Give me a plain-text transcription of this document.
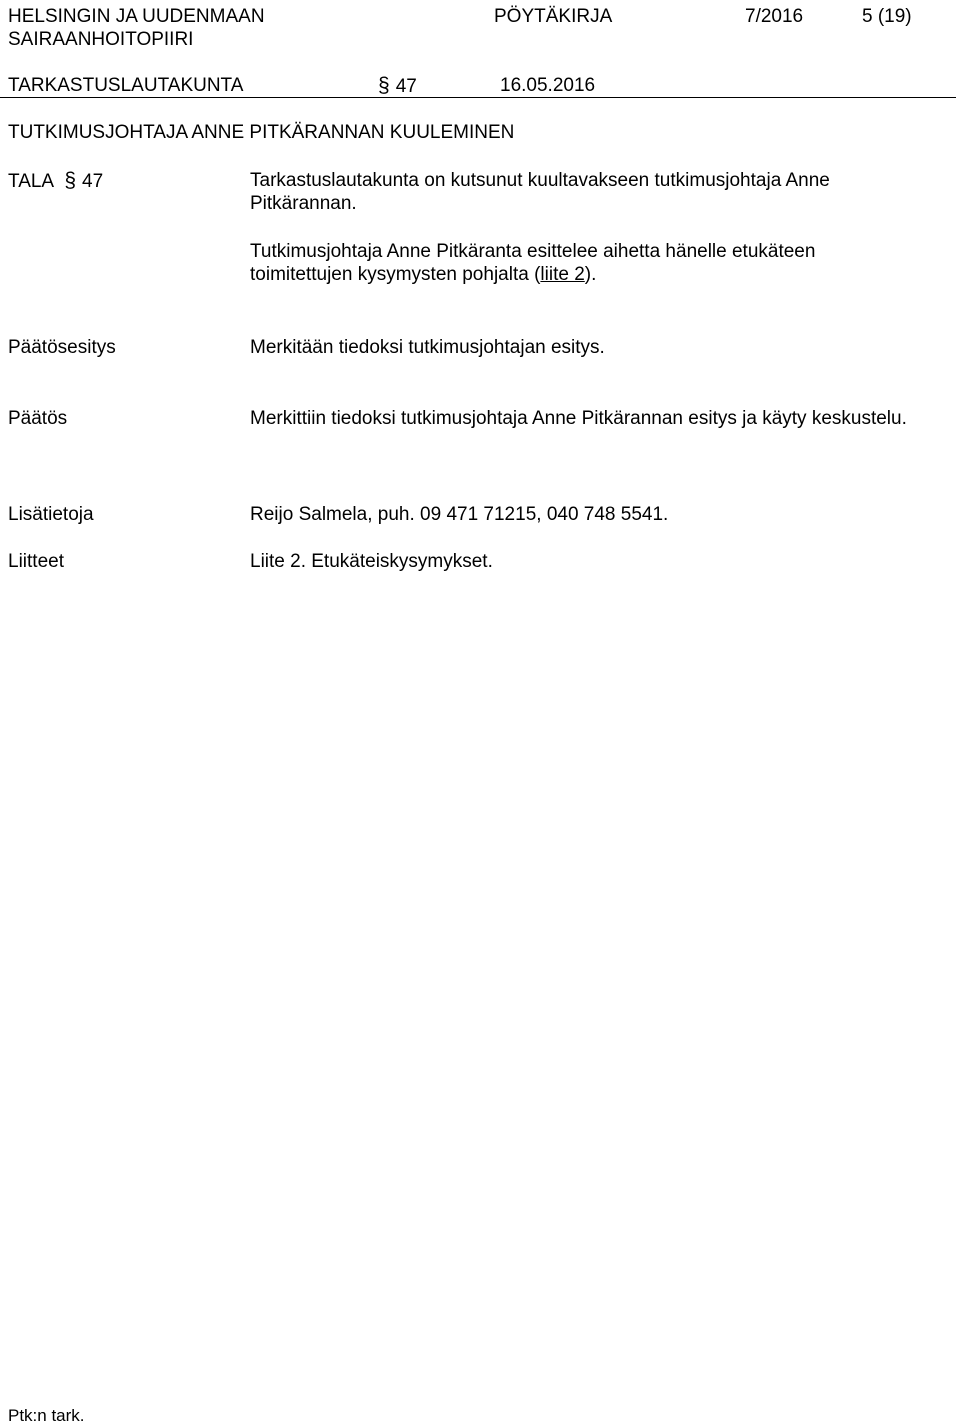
HELSINGIN JA UUDENMAAN
SAIRAANHOITOPIIRI
PÖYTÄKIRJA	7/2016	5 (19)
TARKASTUSLAUTAKUNTA	§ 47	16.05.2016
TUTKIMUSJOHTAJA ANNE PITKÄRANNAN KUULEMINEN
TALA § 47	Tarkastuslautakunta on kutsunut kuultavakseen tutkimusjohtaja Anne Pitkärannan.
Tutkimusjohtaja Anne Pitkäranta esittelee aihetta hänelle etukäteen toimitettujen kysymysten pohjalta (liite 2).
Päätösesitys	Merkitään tiedoksi tutkimusjohtajan esitys.
Päätös	Merkittiin tiedoksi tutkimusjohtaja Anne Pitkärannan esitys ja käyty keskustelu.
Lisätietoja	Reijo Salmela, puh. 09 471 71215, 040 748 5541.
Liitteet	Liite 2. Etukäteiskysymykset.
Ptk:n tark.
